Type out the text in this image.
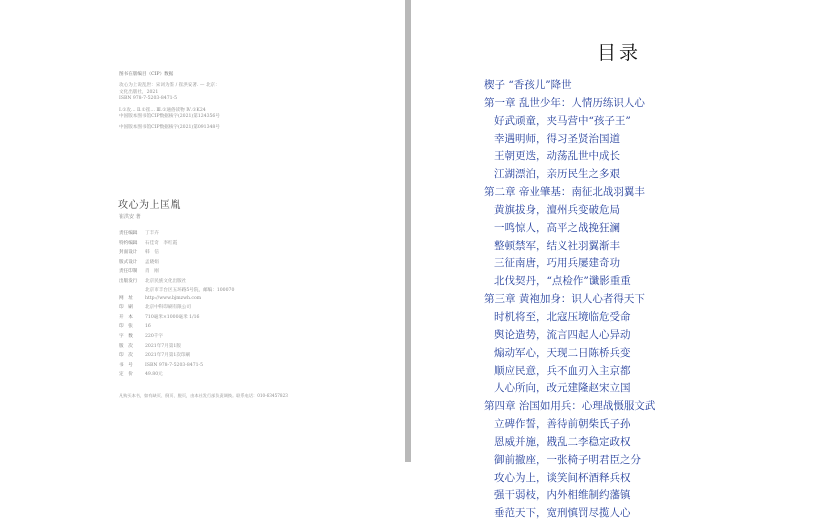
图书在版编目（CIP）数据
攻心为上说乱世：宋词为鉴 / 崔洪安著. — 北京：
文化出版社，2021
ISBN 978-7-5203-8471-5
Ⅰ.①攻… Ⅱ.①崔… Ⅲ.①通俗读物 Ⅳ.①K24
中国版本图书馆CIP数据核字(2021)第124356号
中国版本图书馆CIP数据核字(2021)第091348号
攻心为上匡胤
崔洪安 著
责任编辑	丁丰卉
特约编辑	石佳奇　李红霞
封面设计	韩　信
版式设计	孟晓娟
责任印制	肖　刚
出版发行	北京民族文化出版社
北京市丰台区五环路5号院，邮编：100070
网　址	http://www.bjmzwh.com
印　刷	北京中科印刷有限公司
开　本	710毫米×1000毫米 1/16
印　张	16
字　数	220千字
版　次	2021年7月第1版
印　次	2021年7月第1次印刷
书　号	ISBN 978-7-5203-8471-5
定　价	49.80元
凡购买本书，如有缺页、倒页、脱页，由本社发行部负责调换。联系电话：010-63457823
目录
楔子 “香孩儿”降世
第一章 乱世少年：人情历练识人心
好武顽童，夹马营中“孩子王”
幸遇明师，得习圣贤治国道
王朝更迭，动荡乱世中成长
江湖漂泊，亲历民生之多艰
第二章 帝业肇基：南征北战羽翼丰
黄旗拔身，澶州兵变破危局
一鸣惊人，高平之战挽狂澜
整顿禁军，结义社羽翼渐丰
三征南唐，巧用兵屡建奇功
北伐契丹，“点检作”谶影重重
第三章 黄袍加身：识人心者得天下
时机将至，北寇压境临危受命
舆论造势，流言四起人心异动
煽动军心，天现二日陈桥兵变
顺应民意，兵不血刃入主京都
人心所向，改元建隆赵宋立国
第四章 治国如用兵：心理战慑服文武
立碑作誓，善待前朝柴氏子孙
恩威并施，戡乱二李稳定政权
御前撤座，一张椅子明君臣之分
攻心为上，谈笑间杯酒释兵权
强干弱枝，内外相维制约藩镇
垂范天下，宽刑慎罚尽揽人心
